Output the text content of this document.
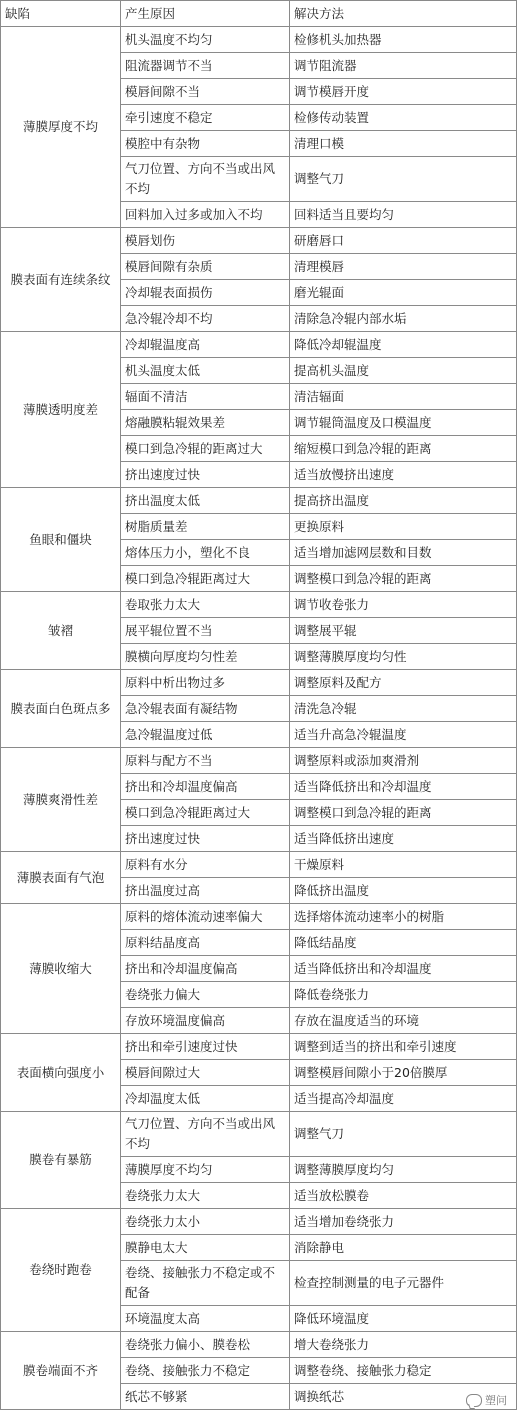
缺陷	产生原因	解决方法
薄膜厚度不均	机头温度不均匀	检修机头加热器
	阻流器调节不当	调节阻流器
	模唇间隙不当	调节模唇开度
	牵引速度不稳定	检修传动装置
	模腔中有杂物	清理口模
	气刀位置、方向不当或出风不均	调整气刀
	回料加入过多或加入不均	回料适当且要均匀
膜表面有连续条纹	模唇划伤	研磨唇口
	模唇间隙有杂质	清理模唇
	冷却辊表面损伤	磨光辊面
	急冷辊冷却不均	清除急冷辊内部水垢
薄膜透明度差	冷却辊温度高	降低冷却辊温度
	机头温度太低	提高机头温度
	辐面不清洁	清洁辐面
	熔融膜粘辊效果差	调节辊筒温度及口模温度
	模口到急冷辊的距离过大	缩短模口到急冷辊的距离
	挤出速度过快	适当放慢挤出速度
鱼眼和僵块	挤出温度太低	提高挤出温度
	树脂质量差	更换原料
	熔体压力小，塑化不良	适当增加滤网层数和目数
	模口到急冷辊距离过大	调整模口到急冷辊的距离
皱褶	卷取张力太大	调节收卷张力
	展平辊位置不当	调整展平辊
	膜横向厚度均匀性差	调整薄膜厚度均匀性
膜表面白色斑点多	原料中析出物过多	调整原料及配方
	急冷辊表面有凝结物	清洗急冷辊
	急冷辊温度过低	适当升高急冷辊温度
薄膜爽滑性差	原料与配方不当	调整原料或添加爽滑剂
	挤出和冷却温度偏高	适当降低挤出和冷却温度
	模口到急冷辊距离过大	调整模口到急冷辊的距离
	挤出速度过快	适当降低挤出速度
薄膜表面有气泡	原料有水分	干燥原料
	挤出温度过高	降低挤出温度
薄膜收缩大	原料的熔体流动速率偏大	选择熔体流动速率小的树脂
	原料结晶度高	降低结晶度
	挤出和冷却温度偏高	适当降低挤出和冷却温度
	卷绕张力偏大	降低卷绕张力
	存放环境温度偏高	存放在温度适当的环境
表面横向强度小	挤出和牵引速度过快	调整到适当的挤出和牵引速度
	模唇间隙过大	调整模唇间隙小于20倍膜厚
	冷却温度太低	适当提高冷却温度
膜卷有暴筋	气刀位置、方向不当或出风不均	调整气刀
	薄膜厚度不均匀	调整薄膜厚度均匀
	卷绕张力太大	适当放松膜卷
卷绕时跑卷	卷绕张力太小	适当增加卷绕张力
	膜静电太大	消除静电
	卷绕、接触张力不稳定或不配备	检查控制测量的电子元器件
	环境温度太高	降低环境温度
膜卷端面不齐	卷绕张力偏小、膜卷松	增大卷绕张力
	卷绕、接触张力不稳定	调整卷绕、接触张力稳定
	纸芯不够紧	调换纸芯	塑问
